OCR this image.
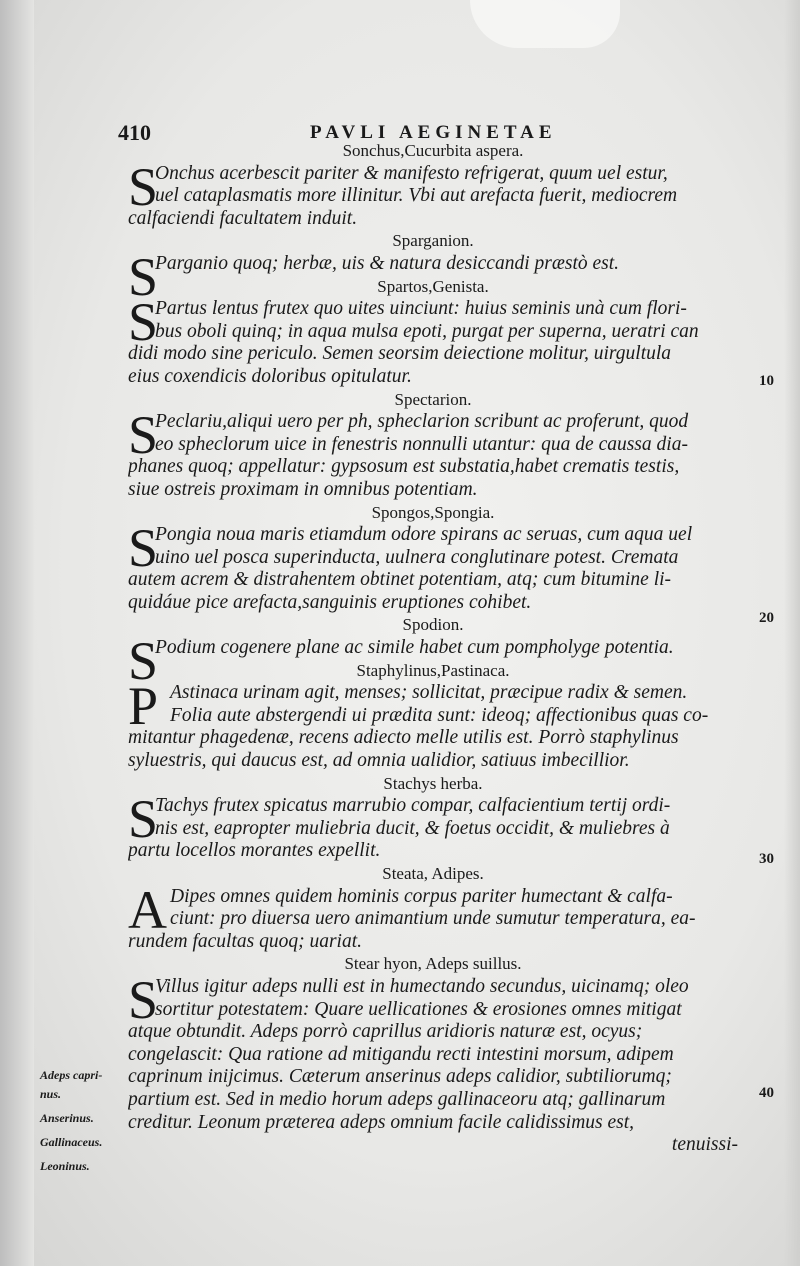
410	PAVLI AEGINETAE
Sonchus,Cucurbita aspera.
S
Onchus acerbescit pariter & manifesto refrigerat, quum uel estur,
uel cataplasmatis more illinitur. Vbi aut arefacta fuerit, mediocrem
calfaciendi facultatem induit.
Sparganion.
S
Parganio quoq; herbæ, uis & natura desiccandi præstò est.
Spartos,Genista.
S
Partus lentus frutex quo uites uinciunt: huius seminis unà cum flori-
bus oboli quinq; in aqua mulsa epoti, purgat per superna, ueratri can
didi modo sine periculo. Semen seorsim deiectione molitur, uirgultula
eius coxendicis doloribus opitulatur.
Spectarion.
S
Peclariu,aliqui uero per ph, sphеclarion scribunt ac proferunt, quod
eo spheclorum uice in fenestris nonnulli utantur: qua de caussa dia-
phanes quoq; appellatur: gypsosum est substatia,habet crematis testis,
siue ostreis proximam in omnibus potentiam.
Spongos,Spongia.
S
Pongia noua maris etiamdum odore spirans ac seruas, cum aqua uel
uino uel posca superinducta, uulnera conglutinare potest. Cremata
autem acrem & distrahentem obtinet potentiam, atq; cum bitumine li-
quidáue pice arefacta,sanguinis eruptiones cohibet.
Spodion.
S
Podium cogenere plane ac simile habet cum pompholyge potentia.
Staphylinus,Pastinaca.
P Astinaca urinam agit, menses; sollicitat, præcipue radix & semen.
Folia aute abstergendi ui prædita sunt: ideoq; affectionibus quas co-
mitantur phagedenæ, recens adiecto melle utilis est. Porrò staphylinus
syluestris, qui daucus est, ad omnia ualidior, satiuus imbecillior.
Stachys herba.
S
Tachys frutex spicatus marrubio compar, calfacientium tertij ordi-
nis est, eapropter muliebria ducit, & foetus occidit, & muliebres à
partu locellos morantes expellit.
Steata, Adipes.
A Dipes omnes quidem hominis corpus pariter humectant & calfa-
ciunt: pro diuersa uero animantium unde sumutur temperatura, ea-
rundem facultas quoq; uariat.
Stear hyon, Adeps suillus.
S
Villus igitur adeps nulli est in humectando secundus, uicinamq; oleo
sortitur potestatem: Quare uellicationes & erosiones omnes mitigat
atque obtundit. Adeps porrò caprillus aridioris naturæ est, ocyus;
congelascit: Qua ratione ad mitigandu recti intestini morsum, adipem
caprinum inijcimus. Cæterum anserinus adeps calidior, subtiliorumq;
partium est. Sed in medio horum adeps gallinaceoru atq; gallinarum
creditur. Leonum præterea adeps omnium facile calidissimus est,
tenuissi-
10
20
30
40
Adeps capri-
nus.
Anserinus.
Gallinaceus.
Leoninus.
